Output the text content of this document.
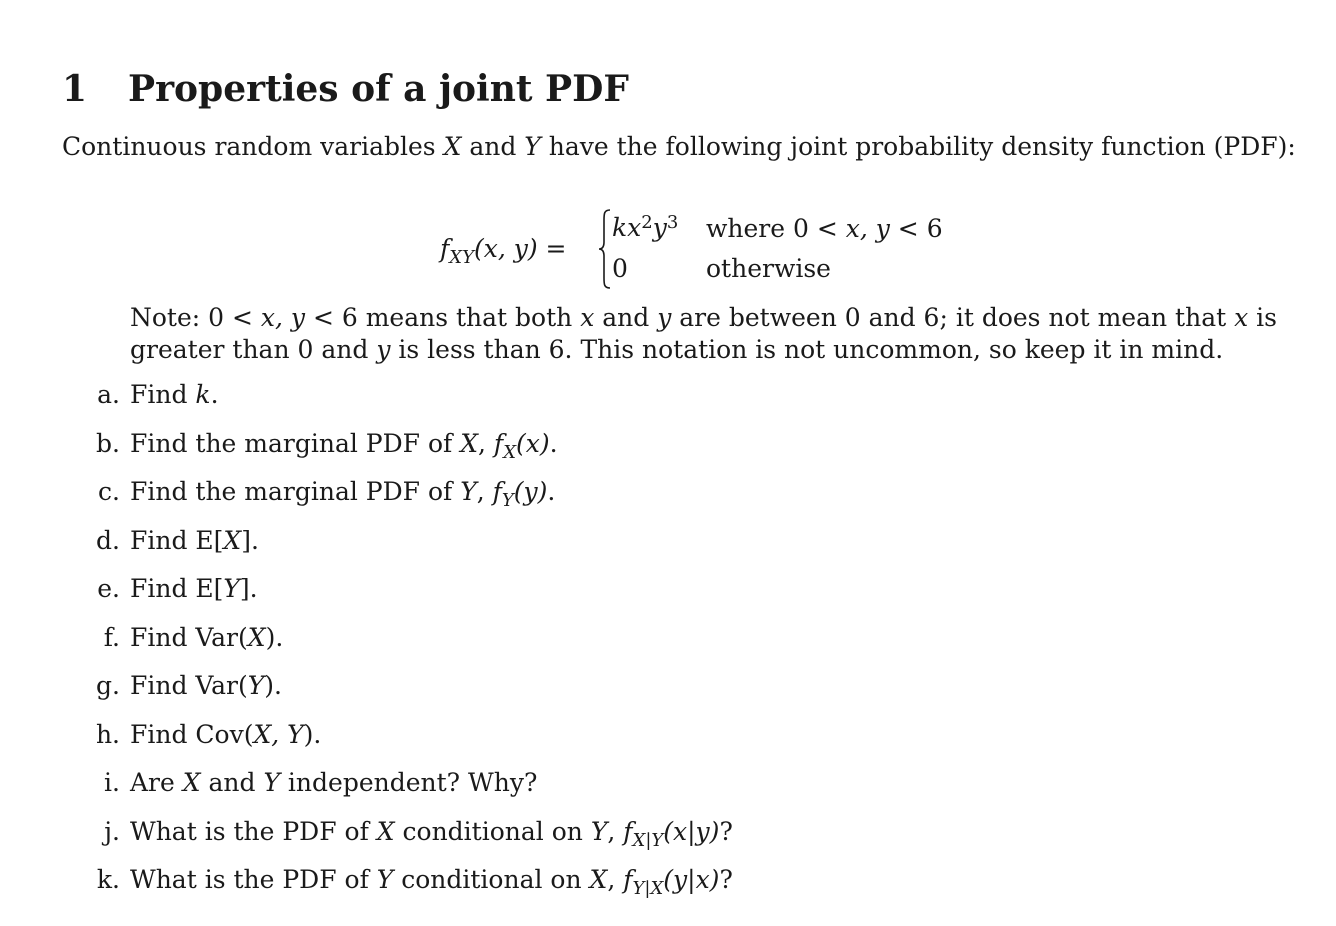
1 Properties of a joint PDF

Continuous random variables X and Y have the following joint probability density function (PDF):

$f_{XY}(x$, y) =
$kx^2y^3$ where 0 < x, y < 6
0	otherwise
Note: 0 < x, y < 6 means that both x and y are between 0 and 6; it does not mean that x is
greater than 0 and y is less than 6. This notation is not uncommon, so keep it in mind.
a. Find k.
b. Find the marginal PDF of X, $f_X(x)$.
c. Find the marginal PDF of Y, $f_Y(y)$.
d. Find E[X].
e. Find E[Y].
f. Find Var(X).
g. Find Var(Y).
h. Find Cov(X, Y).
i. Are X and Y independent? Why?
j. What is the PDF of X conditional on Y, $f_{X|Y}(x|y)$?
k. What is the PDF of Y conditional on X, $f_{Y|X}(y|x)$?
